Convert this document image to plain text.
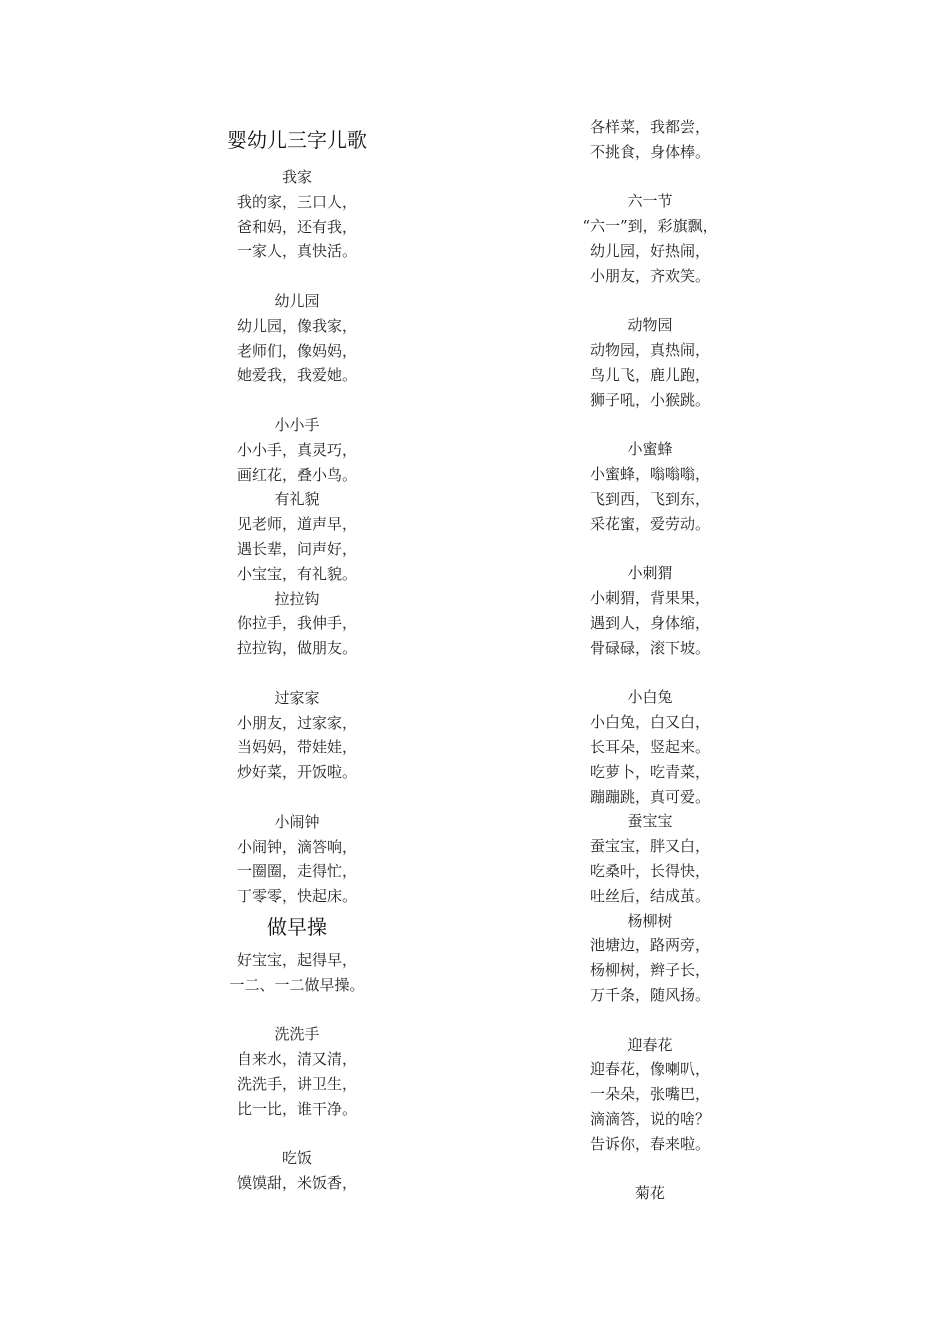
婴幼儿三字儿歌
我家
我的家，三口人，
爸和妈，还有我，
一家人，真快活。
幼儿园
幼儿园，像我家，
老师们，像妈妈，
她爱我，我爱她。
小小手
小小手，真灵巧，
画红花，叠小鸟。
有礼貌
见老师，道声早，
遇长辈，问声好，
小宝宝，有礼貌。
拉拉钩
你拉手，我伸手，
拉拉钩，做朋友。
过家家
小朋友，过家家，
当妈妈，带娃娃，
炒好菜，开饭啦。
小闹钟
小闹钟，滴答响，
一圈圈，走得忙，
丁零零，快起床。
做早操
好宝宝，起得早，
一二、一二做早操。
洗洗手
自来水，清又清，
洗洗手，讲卫生，
比一比，谁干净。
吃饭
馍馍甜，米饭香，
各样菜，我都尝，
不挑食，身体棒。
六一节
“六一”到，彩旗飘，
幼儿园，好热闹，
小朋友，齐欢笑。
动物园
动物园，真热闹，
鸟儿飞，鹿儿跑，
狮子吼，小猴跳。
小蜜蜂
小蜜蜂，嗡嗡嗡，
飞到西，飞到东，
采花蜜，爱劳动。
小刺猬
小刺猬，背果果，
遇到人，身体缩，
骨碌碌，滚下坡。
小白兔
小白兔，白又白，
长耳朵，竖起来。
吃萝卜，吃青菜，
蹦蹦跳，真可爱。
蚕宝宝
蚕宝宝，胖又白，
吃桑叶，长得快，
吐丝后，结成茧。
杨柳树
池塘边，路两旁，
杨柳树，辫子长，
万千条，随风扬。
迎春花
迎春花，像喇叭，
一朵朵，张嘴巴，
滴滴答，说的啥？
告诉你，春来啦。
菊花
